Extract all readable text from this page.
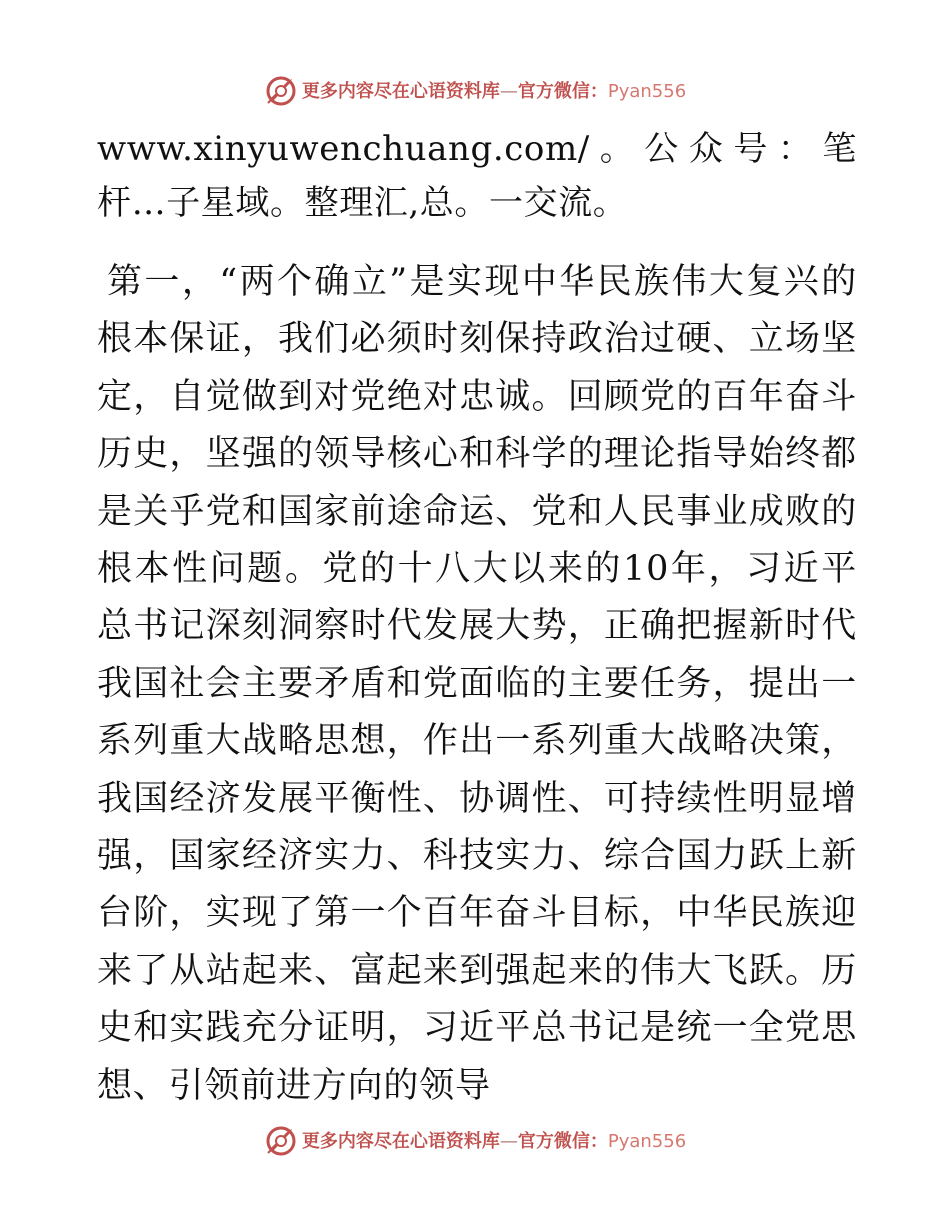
更多内容尽在心语资料库—官方微信：Pyan556

www.xinyuwenchuang.com/。公众号：笔杆…子星域。整理汇,总。一交流。

第一，“两个确立”是实现中华民族伟大复兴的根本保证，我们必须时刻保持政治过硬、立场坚定，自觉做到对党绝对忠诚。回顾党的百年奋斗历史，坚强的领导核心和科学的理论指导始终都是关乎党和国家前途命运、党和人民事业成败的根本性问题。党的十八大以来的10年，习近平总书记深刻洞察时代发展大势，正确把握新时代我国社会主要矛盾和党面临的主要任务，提出一系列重大战略思想，作出一系列重大战略决策，我国经济发展平衡性、协调性、可持续性明显增强，国家经济实力、科技实力、综合国力跃上新台阶，实现了第一个百年奋斗目标，中华民族迎来了从站起来、富起来到强起来的伟大飞跃。历史和实践充分证明，习近平总书记是统一全党思想、引领前进方向的领导

更多内容尽在心语资料库—官方微信：Pyan556
